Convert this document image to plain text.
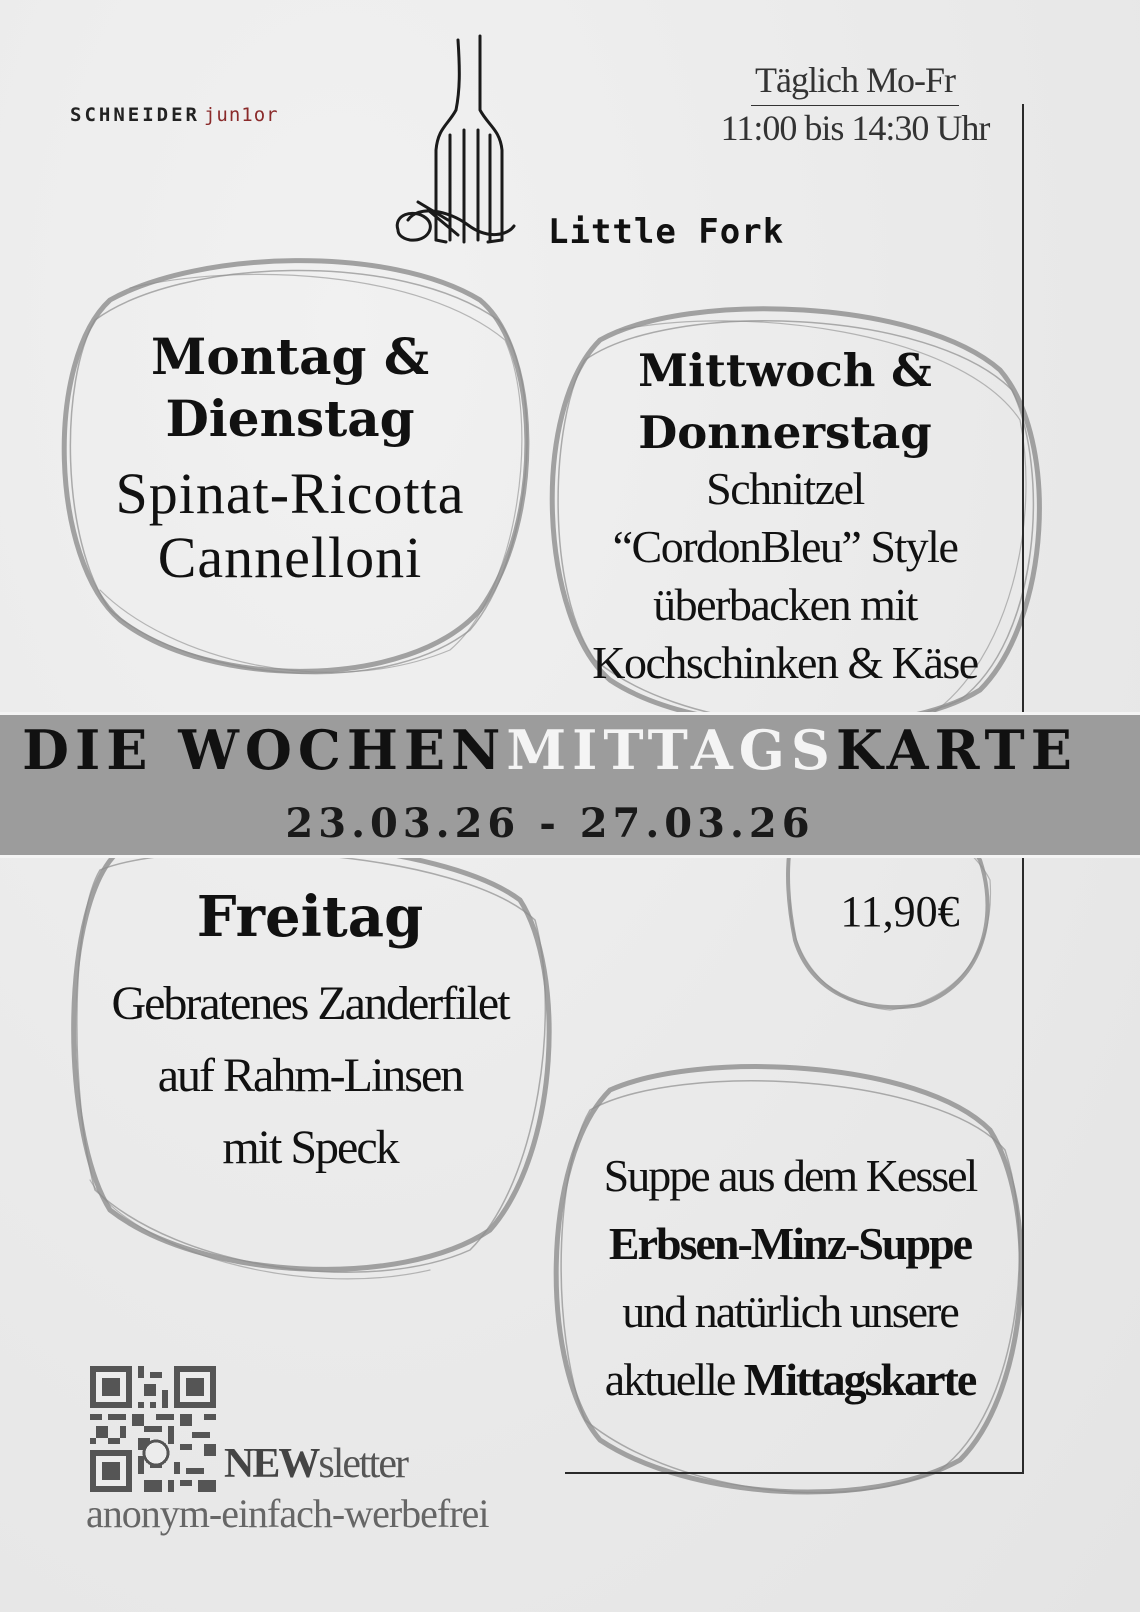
SCHNEIDER jun1or
Little Fork
Täglich Mo-Fr
11:00 bis 14:30 Uhr
Montag &
Dienstag
Spinat-Ricotta
Cannelloni
Mittwoch &
Donnerstag
Schnitzel
“CordonBleu” Style
überbacken mit
Kochschinken & Käse
DIE WOCHENMITTAGSKARTE
23.03.26 - 27.03.26
Freitag
Gebratenes Zanderfilet
auf Rahm-Linsen
mit Speck
11,90€
Suppe aus dem Kessel
Erbsen-Minz-Suppe
und natürlich unsere
aktuelle Mittagskarte
NEWsletter
anonym-einfach-werbefrei
